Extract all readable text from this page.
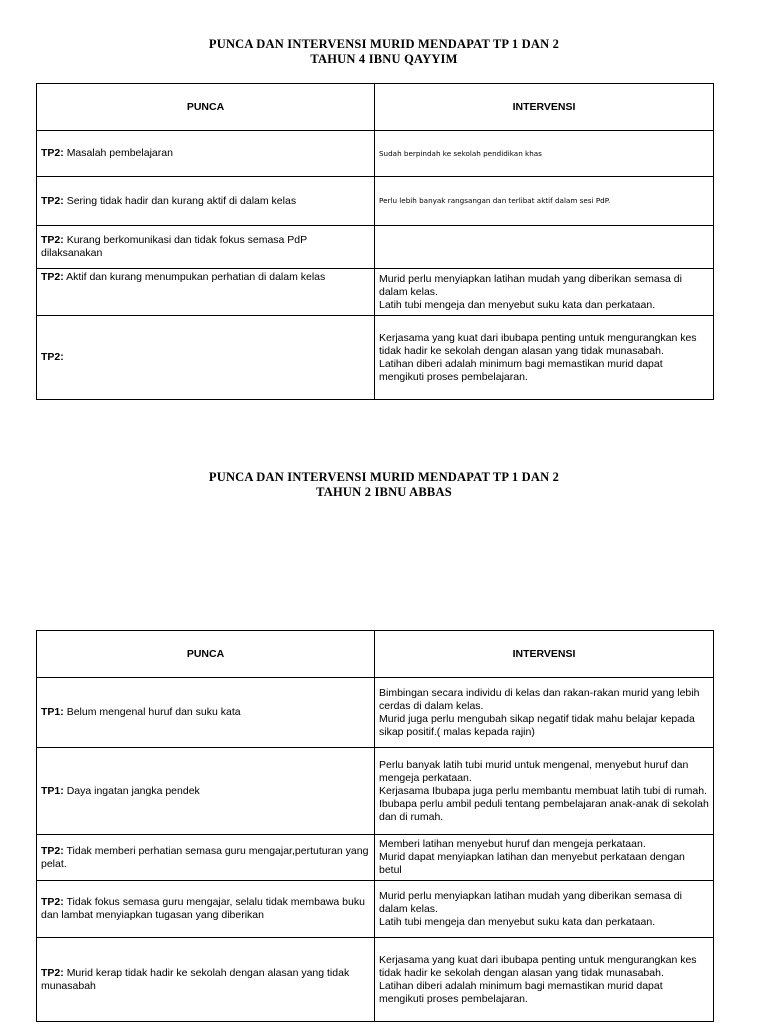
PUNCA DAN INTERVENSI MURID MENDAPAT TP 1 DAN 2
TAHUN 4 IBNU QAYYIM
PUNCA	INTERVENSI
TP2: Masalah pembelajaran	Sudah berpindah ke sekolah pendidikan khas

TP2: Sering tidak hadir dan kurang aktif di dalam kelas	Perlu lebih banyak rangsangan dan terlibat aktif dalam sesi PdP.

TP2: Kurang berkomunikasi dan tidak fokus semasa PdP dilaksanakan	
TP2: Aktif dan kurang menumpukan perhatian di dalam kelas	Murid perlu menyiapkan latihan mudah yang diberikan semasa di dalam kelas.
Latih tubi mengeja dan menyebut suku kata dan perkataan.

TP2:	Kerjasama yang kuat dari ibubapa penting untuk mengurangkan kes tidak hadir ke sekolah dengan alasan yang tidak munasabah.
Latihan diberi adalah minimum bagi memastikan murid dapat mengikuti proses pembelajaran.
PUNCA DAN INTERVENSI MURID MENDAPAT TP 1 DAN 2
TAHUN 2 IBNU ABBAS
PUNCA	INTERVENSI
TP1: Belum mengenal huruf dan suku kata	Bimbingan secara individu di kelas dan rakan-rakan murid yang lebih cerdas di dalam kelas.
Murid juga perlu mengubah sikap negatif tidak mahu belajar kepada sikap positif.( malas kepada rajin)

TP1: Daya ingatan jangka pendek	Perlu banyak latih tubi murid untuk mengenal, menyebut huruf dan mengeja perkataan.
Kerjasama Ibubapa juga perlu membantu membuat latih tubi di rumah. Ibubapa perlu ambil peduli tentang pembelajaran anak-anak di sekolah dan di rumah.

TP2: Tidak memberi perhatian semasa guru mengajar,pertuturan yang pelat.	Memberi latihan menyebut huruf dan mengeja perkataan.
Murid dapat menyiapkan latihan dan menyebut perkataan dengan betul

TP2: Tidak fokus semasa guru mengajar, selalu tidak membawa buku dan lambat menyiapkan tugasan yang diberikan	Murid perlu menyiapkan latihan mudah yang diberikan semasa di dalam kelas.
Latih tubi mengeja dan menyebut suku kata dan perkataan.

TP2: Murid kerap tidak hadir ke sekolah dengan alasan yang tidak munasabah	Kerjasama yang kuat dari ibubapa penting untuk mengurangkan kes tidak hadir ke sekolah dengan alasan yang tidak munasabah.
Latihan diberi adalah minimum bagi memastikan murid dapat mengikuti proses pembelajaran.
